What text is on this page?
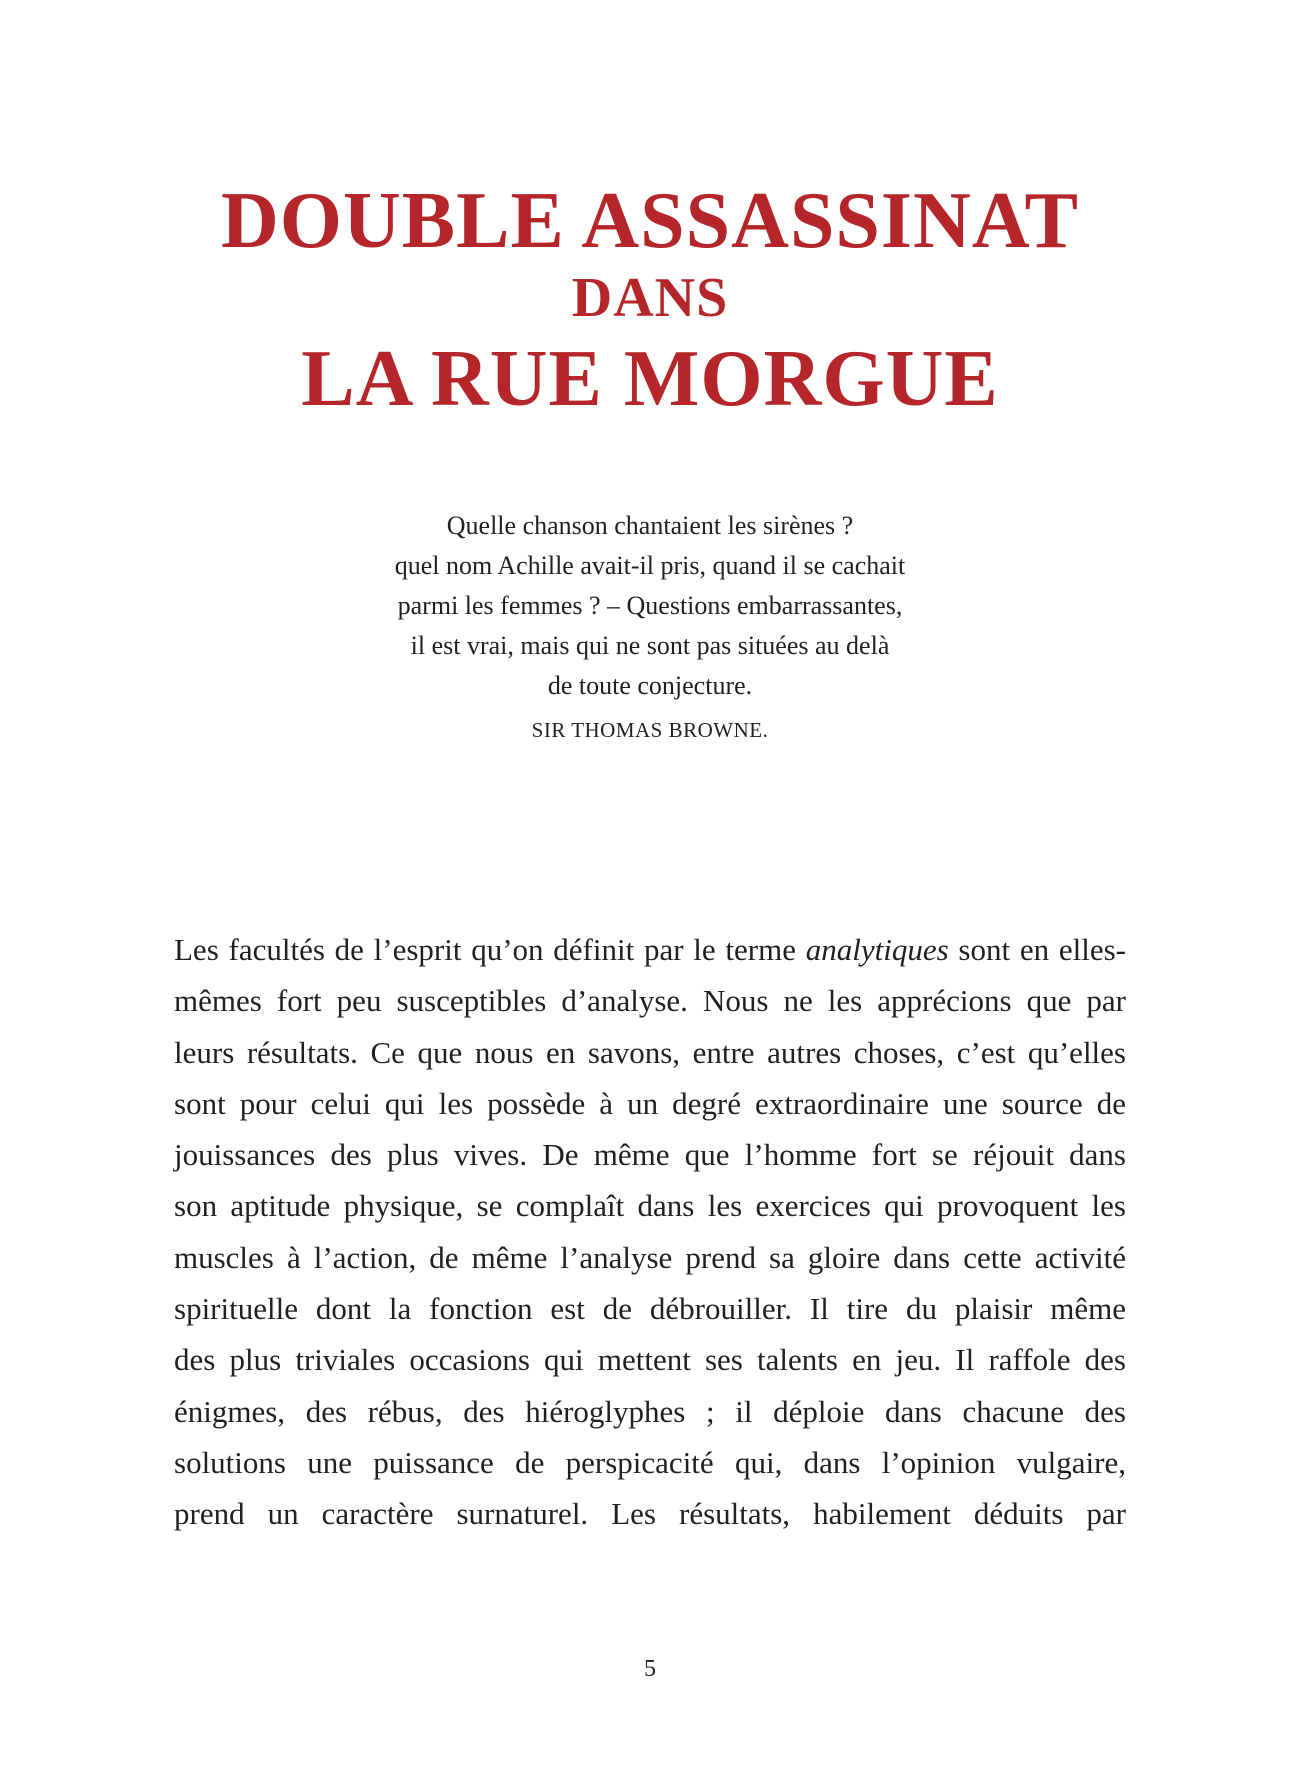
DOUBLE ASSASSINAT
DANS
LA RUE MORGUE
Quelle chanson chantaient les sirènes ?
quel nom Achille avait-il pris, quand il se cachait
parmi les femmes ? – Questions embarrassantes,
il est vrai, mais qui ne sont pas situées au delà
de toute conjecture.
SIR THOMAS BROWNE.
Les facultés de l’esprit qu’on définit par le terme analytiques sont en elles-
mêmes fort peu susceptibles d’analyse. Nous ne les apprécions que par
leurs résultats. Ce que nous en savons, entre autres choses, c’est qu’elles
sont pour celui qui les possède à un degré extraordinaire une source de
jouissances des plus vives. De même que l’homme fort se réjouit dans
son aptitude physique, se complaît dans les exercices qui provoquent les
muscles à l’action, de même l’analyse prend sa gloire dans cette activité
spirituelle dont la fonction est de débrouiller. Il tire du plaisir même
des plus triviales occasions qui mettent ses talents en jeu. Il raffole des
énigmes, des rébus, des hiéroglyphes ; il déploie dans chacune des
solutions une puissance de perspicacité qui, dans l’opinion vulgaire,
prend un caractère surnaturel. Les résultats, habilement déduits par
5
